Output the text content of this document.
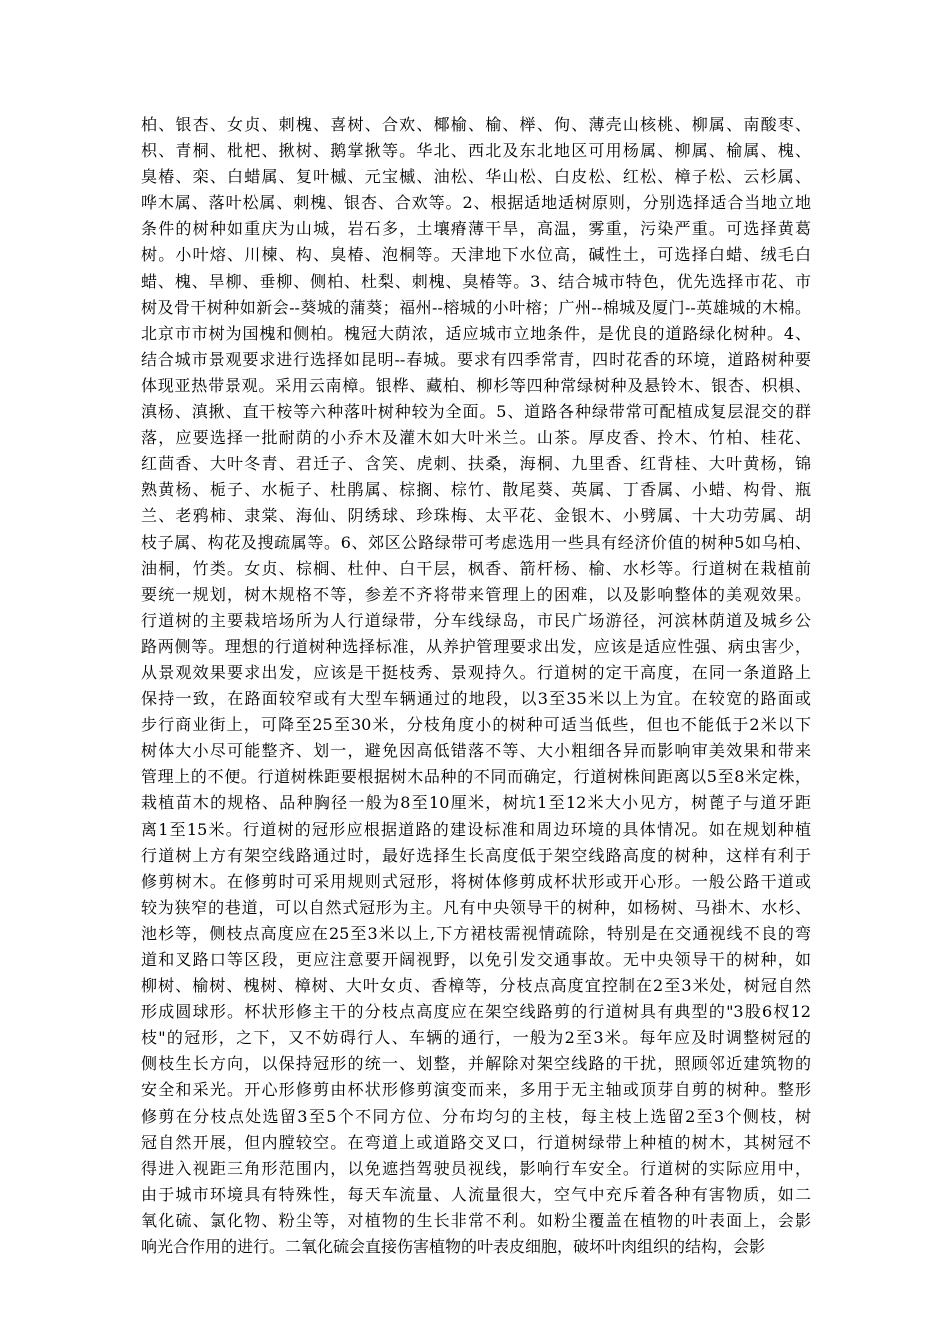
柏、银杏、女贞、刺槐、喜树、合欢、椰榆、榆、榉、佝、薄壳山核桃、柳属、南酸枣、
枳、青桐、枇杷、揪树、鹅掌揪等。华北、西北及东北地区可用杨属、柳属、榆属、槐、
臭椿、栾、白蜡属、复叶槭、元宝槭、油松、华山松、白皮松、红松、樟子松、云杉属、
哗木属、落叶松属、刺槐、银杏、合欢等。2、根据适地适树原则，分别选择适合当地立地
条件的树种如重庆为山城，岩石多，土壤瘠薄干旱，高温，雾重，污染严重。可选择黄葛
树。小叶熔、川楝、构、臭椿、泡桐等。天津地下水位高，碱性土，可选择白蜡、绒毛白
蜡、槐、旱柳、垂柳、侧柏、杜梨、刺槐、臭椿等。3、结合城市特色，优先选择市花、市
树及骨干树种如新会--葵城的蒲葵；福州--榕城的小叶榕；广州--棉城及厦门--英雄城的木棉。
北京市市树为国槐和侧柏。槐冠大荫浓，适应城市立地条件，是优良的道路绿化树种。4、
结合城市景观要求进行选择如昆明--春城。要求有四季常青，四时花香的环境，道路树种要
体现亚热带景观。采用云南樟。银桦、藏柏、柳杉等四种常绿树种及悬铃木、银杏、枳椇、
滇杨、滇揪、直干桉等六种落叶树种较为全面。5、道路各种绿带常可配植成复层混交的群
落，应要选择一批耐荫的小乔木及灌木如大叶米兰。山茶。厚皮香、拎木、竹柏、桂花、
红茴香、大叶冬青、君迁子、含笑、虎刺、扶桑，海桐、九里香、红背桂、大叶黄杨，锦
熟黄杨、栀子、水栀子、杜鹃属、棕搁、棕竹、散尾葵、英属、丁香属、小蜡、构骨、瓶
兰、老鸦柿、隶棠、海仙、阴绣球、珍珠梅、太平花、金银木、小劈属、十大功劳属、胡
枝子属、构花及搜疏属等。6、郊区公路绿带可考虑选用一些具有经济价值的树种5如乌柏、
油桐，竹类。女贞、棕榈、杜仲、白干层，枫香、箭杆杨、榆、水杉等。行道树在栽植前
要统一规划，树木规格不等，参差不齐将带来管理上的困难，以及影响整体的美观效果。
行道树的主要栽培场所为人行道绿带，分车线绿岛，市民广场游径，河滨林荫道及城乡公
路两侧等。理想的行道树种选择标准，从养护管理要求出发，应该是适应性强、病虫害少，
从景观效果要求出发，应该是干挺枝秀、景观持久。行道树的定干高度，在同一条道路上
保持一致，在路面较窄或有大型车辆通过的地段，以3至35米以上为宜。在较宽的路面或
步行商业街上，可降至25至30米，分枝角度小的树种可适当低些，但也不能低于2米以下
树体大小尽可能整齐、划一，避免因高低错落不等、大小粗细各异而影响审美效果和带来
管理上的不便。行道树株距要根据树木品种的不同而确定，行道树株间距离以5至8米定株，
栽植苗木的规格、品种胸径一般为8至10厘米，树坑1至12米大小见方，树蓖子与道牙距
离1至15米。行道树的冠形应根据道路的建设标准和周边环境的具体情况。如在规划种植
行道树上方有架空线路通过时，最好选择生长高度低于架空线路高度的树种，这样有利于
修剪树木。在修剪时可采用规则式冠形，将树体修剪成杯状形或开心形。一般公路干道或
较为狭窄的巷道，可以自然式冠形为主。凡有中央领导干的树种，如杨树、马褂木、水杉、
池杉等，侧枝点高度应在25至3米以上,下方裙枝需视情疏除，特别是在交通视线不良的弯
道和叉路口等区段，更应注意要开阔视野，以免引发交通事故。无中央领导干的树种，如
柳树、榆树、槐树、樟树、大叶女贞、香樟等，分枝点高度宜控制在2至3米处，树冠自然
形成圆球形。杯状形修主干的分枝点高度应在架空线路剪的行道树具有典型的"3股6杈12
枝"的冠形，之下，又不妨碍行人、车辆的通行，一般为2至3米。每年应及时调整树冠的
侧枝生长方向，以保持冠形的统一、划整，并解除对架空线路的干扰，照顾邻近建筑物的
安全和采光。开心形修剪由杯状形修剪演变而来，多用于无主轴或顶芽自剪的树种。整形
修剪在分枝点处选留3至5个不同方位、分布均匀的主枝，每主枝上选留2至3个侧枝，树
冠自然开展，但内膛较空。在弯道上或道路交叉口，行道树绿带上种植的树木，其树冠不
得进入视距三角形范围内，以免遮挡驾驶员视线，影响行车安全。行道树的实际应用中，
由于城市环境具有特殊性，每天车流量、人流量很大，空气中充斥着各种有害物质，如二
氧化硫、氯化物、粉尘等，对植物的生长非常不利。如粉尘覆盖在植物的叶表面上，会影
响光合作用的进行。二氧化硫会直接伤害植物的叶表皮细胞，破坏叶肉组织的结构，会影
